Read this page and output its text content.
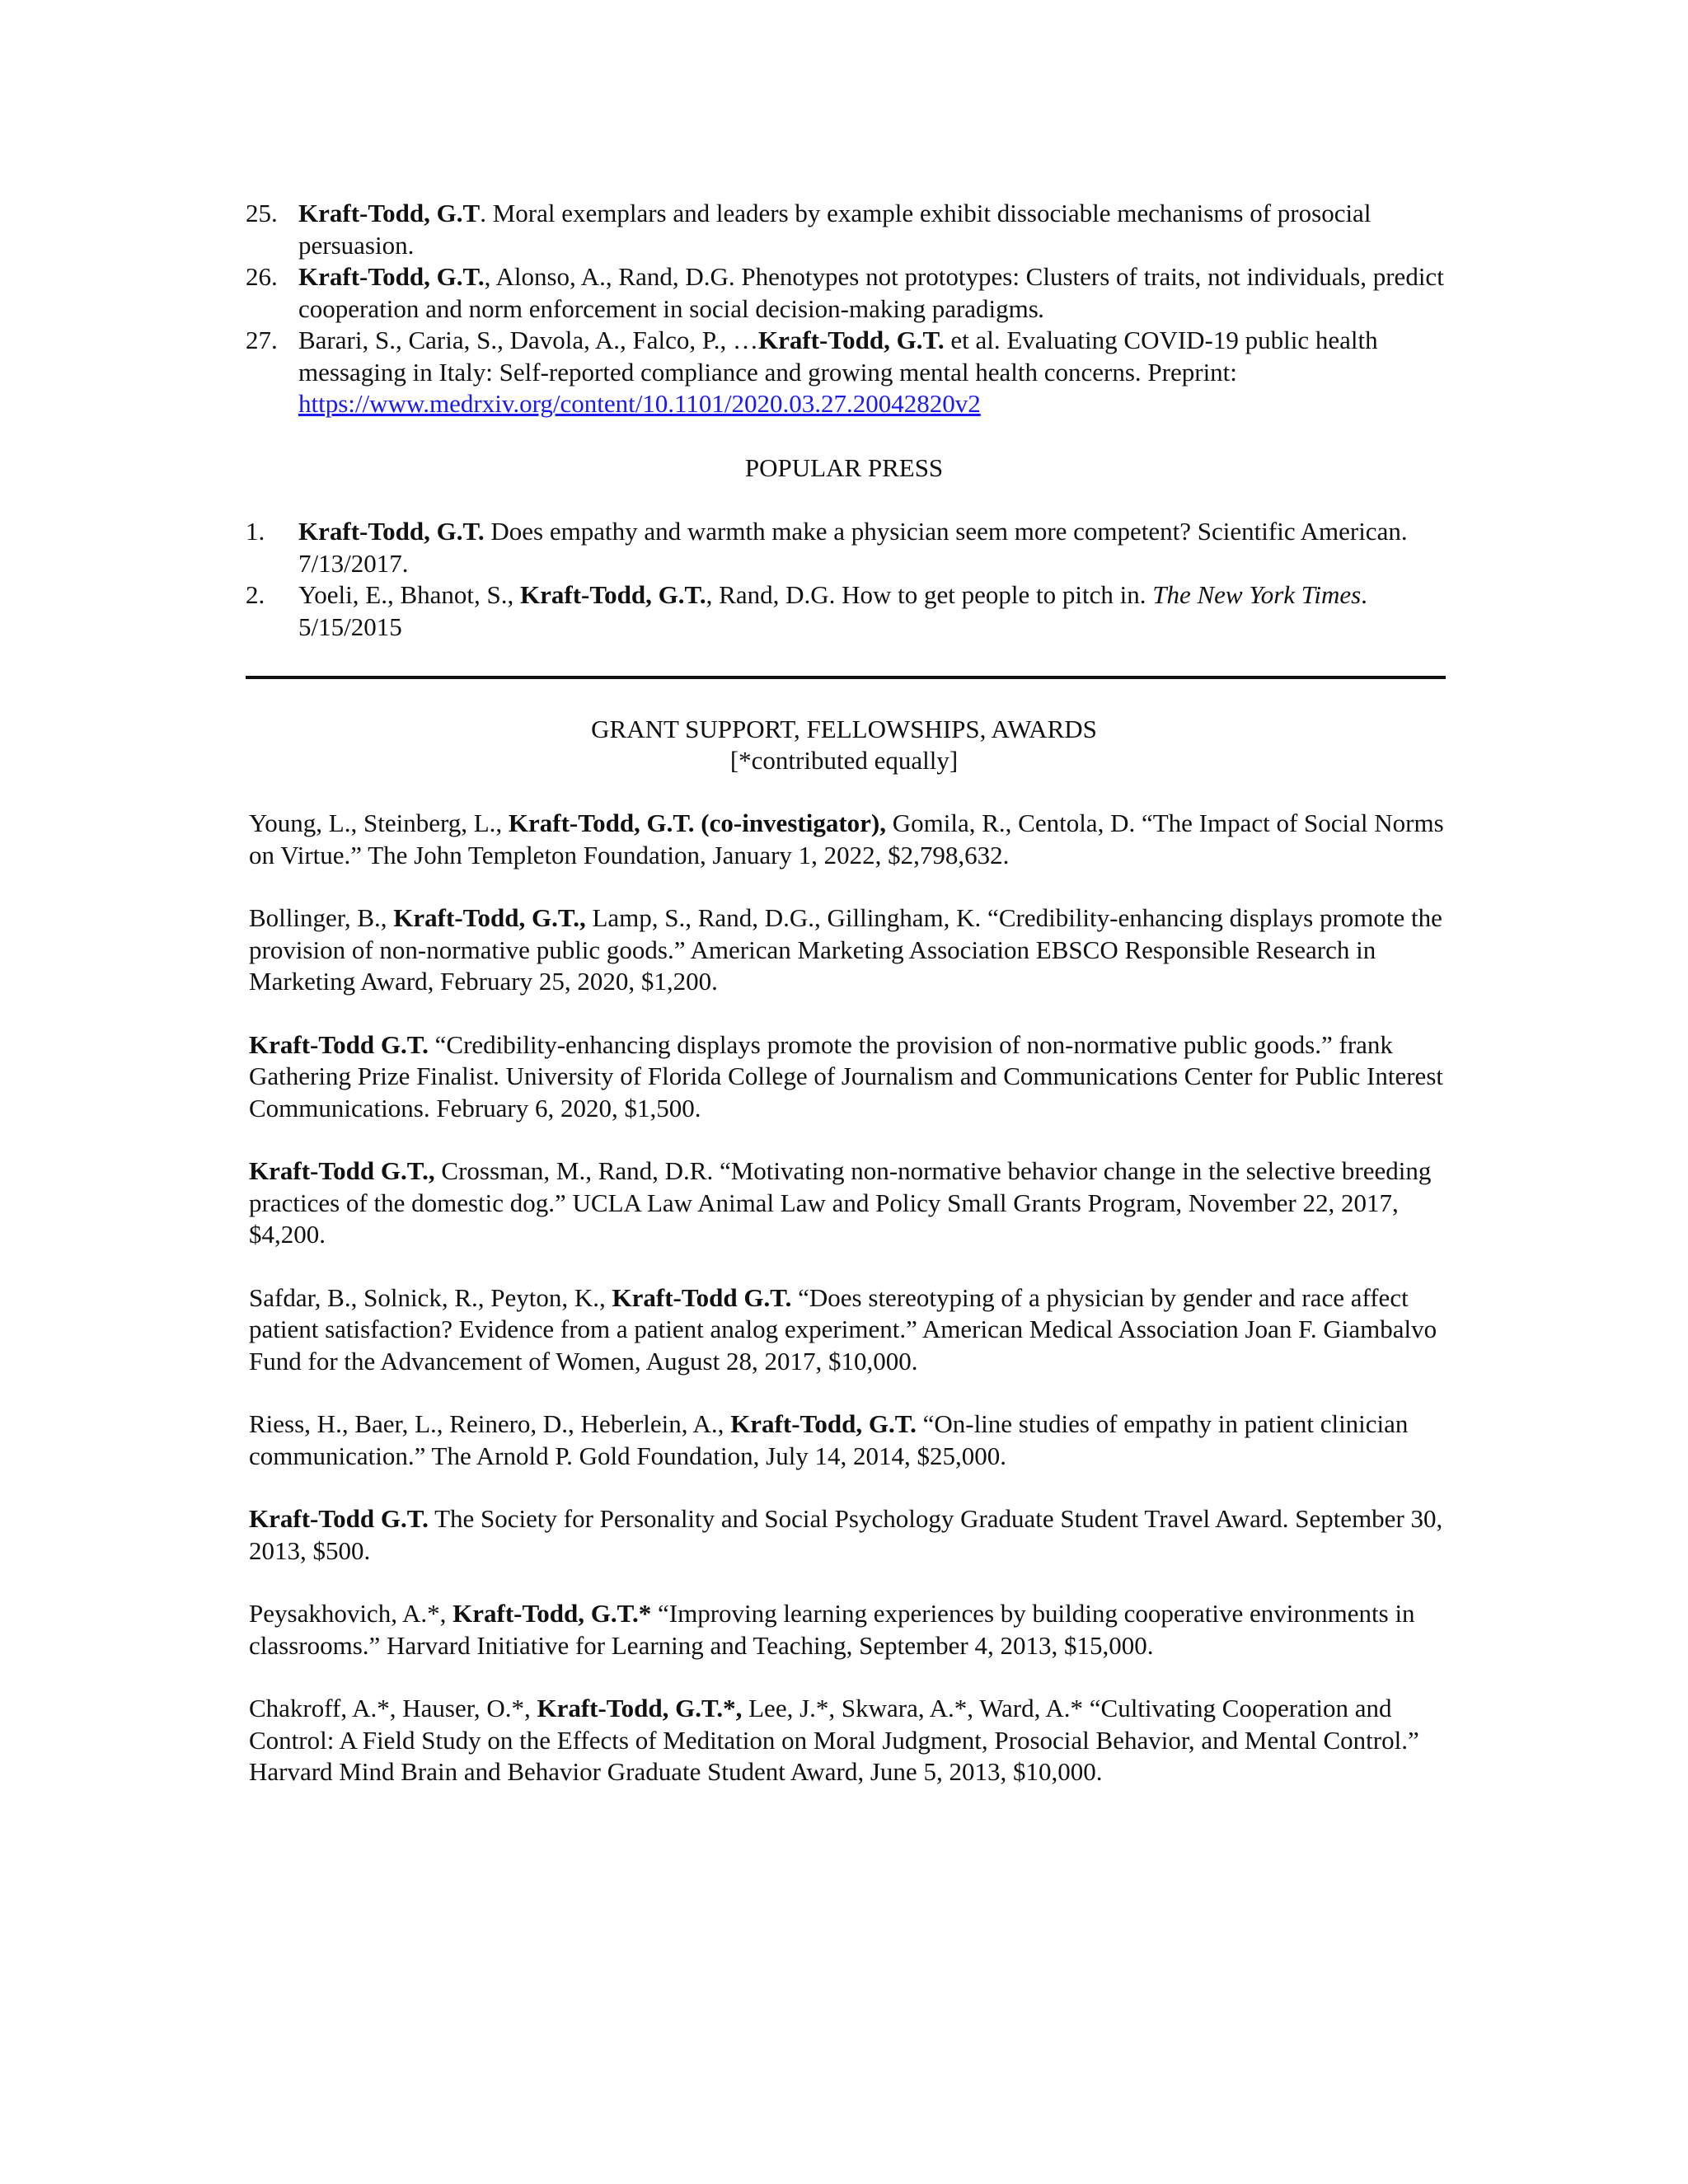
25. Kraft-Todd, G.T. Moral exemplars and leaders by example exhibit dissociable mechanisms of prosocial persuasion.
26. Kraft-Todd, G.T., Alonso, A., Rand, D.G. Phenotypes not prototypes: Clusters of traits, not individuals, predict cooperation and norm enforcement in social decision-making paradigms.
27. Barari, S., Caria, S., Davola, A., Falco, P., …Kraft-Todd, G.T. et al. Evaluating COVID-19 public health messaging in Italy: Self-reported compliance and growing mental health concerns. Preprint: https://www.medrxiv.org/content/10.1101/2020.03.27.20042820v2
POPULAR PRESS
1.	Kraft-Todd, G.T. Does empathy and warmth make a physician seem more competent? Scientific American. 7/13/2017.
2.	Yoeli, E., Bhanot, S., Kraft-Todd, G.T., Rand, D.G. How to get people to pitch in. The New York Times. 5/15/2015
GRANT SUPPORT, FELLOWSHIPS, AWARDS
[*contributed equally]

Young, L., Steinberg, L., Kraft-Todd, G.T. (co-investigator), Gomila, R., Centola, D. “The Impact of Social Norms on Virtue.” The John Templeton Foundation, January 1, 2022, $2,798,632.

Bollinger, B., Kraft-Todd, G.T., Lamp, S., Rand, D.G., Gillingham, K. “Credibility-enhancing displays promote the provision of non-normative public goods.” American Marketing Association EBSCO Responsible Research in Marketing Award, February 25, 2020, $1,200.

Kraft-Todd G.T. “Credibility-enhancing displays promote the provision of non-normative public goods.” frank Gathering Prize Finalist. University of Florida College of Journalism and Communications Center for Public Interest Communications. February 6, 2020, $1,500.

Kraft-Todd G.T., Crossman, M., Rand, D.R. “Motivating non-normative behavior change in the selective breeding practices of the domestic dog.” UCLA Law Animal Law and Policy Small Grants Program, November 22, 2017, $4,200.

Safdar, B., Solnick, R., Peyton, K., Kraft-Todd G.T. “Does stereotyping of a physician by gender and race affect patient satisfaction? Evidence from a patient analog experiment.” American Medical Association Joan F. Giambalvo Fund for the Advancement of Women, August 28, 2017, $10,000.

Riess, H., Baer, L., Reinero, D., Heberlein, A., Kraft-Todd, G.T. “On-line studies of empathy in patient clinician communication.” The Arnold P. Gold Foundation, July 14, 2014, $25,000.

Kraft-Todd G.T. The Society for Personality and Social Psychology Graduate Student Travel Award. September 30, 2013, $500.

Peysakhovich, A.*, Kraft-Todd, G.T.* “Improving learning experiences by building cooperative environments in classrooms.” Harvard Initiative for Learning and Teaching, September 4, 2013, $15,000.

Chakroff, A.*, Hauser, O.*, Kraft-Todd, G.T.*, Lee, J.*, Skwara, A.*, Ward, A.* “Cultivating Cooperation and Control: A Field Study on the Effects of Meditation on Moral Judgment, Prosocial Behavior, and Mental Control.” Harvard Mind Brain and Behavior Graduate Student Award, June 5, 2013, $10,000.
